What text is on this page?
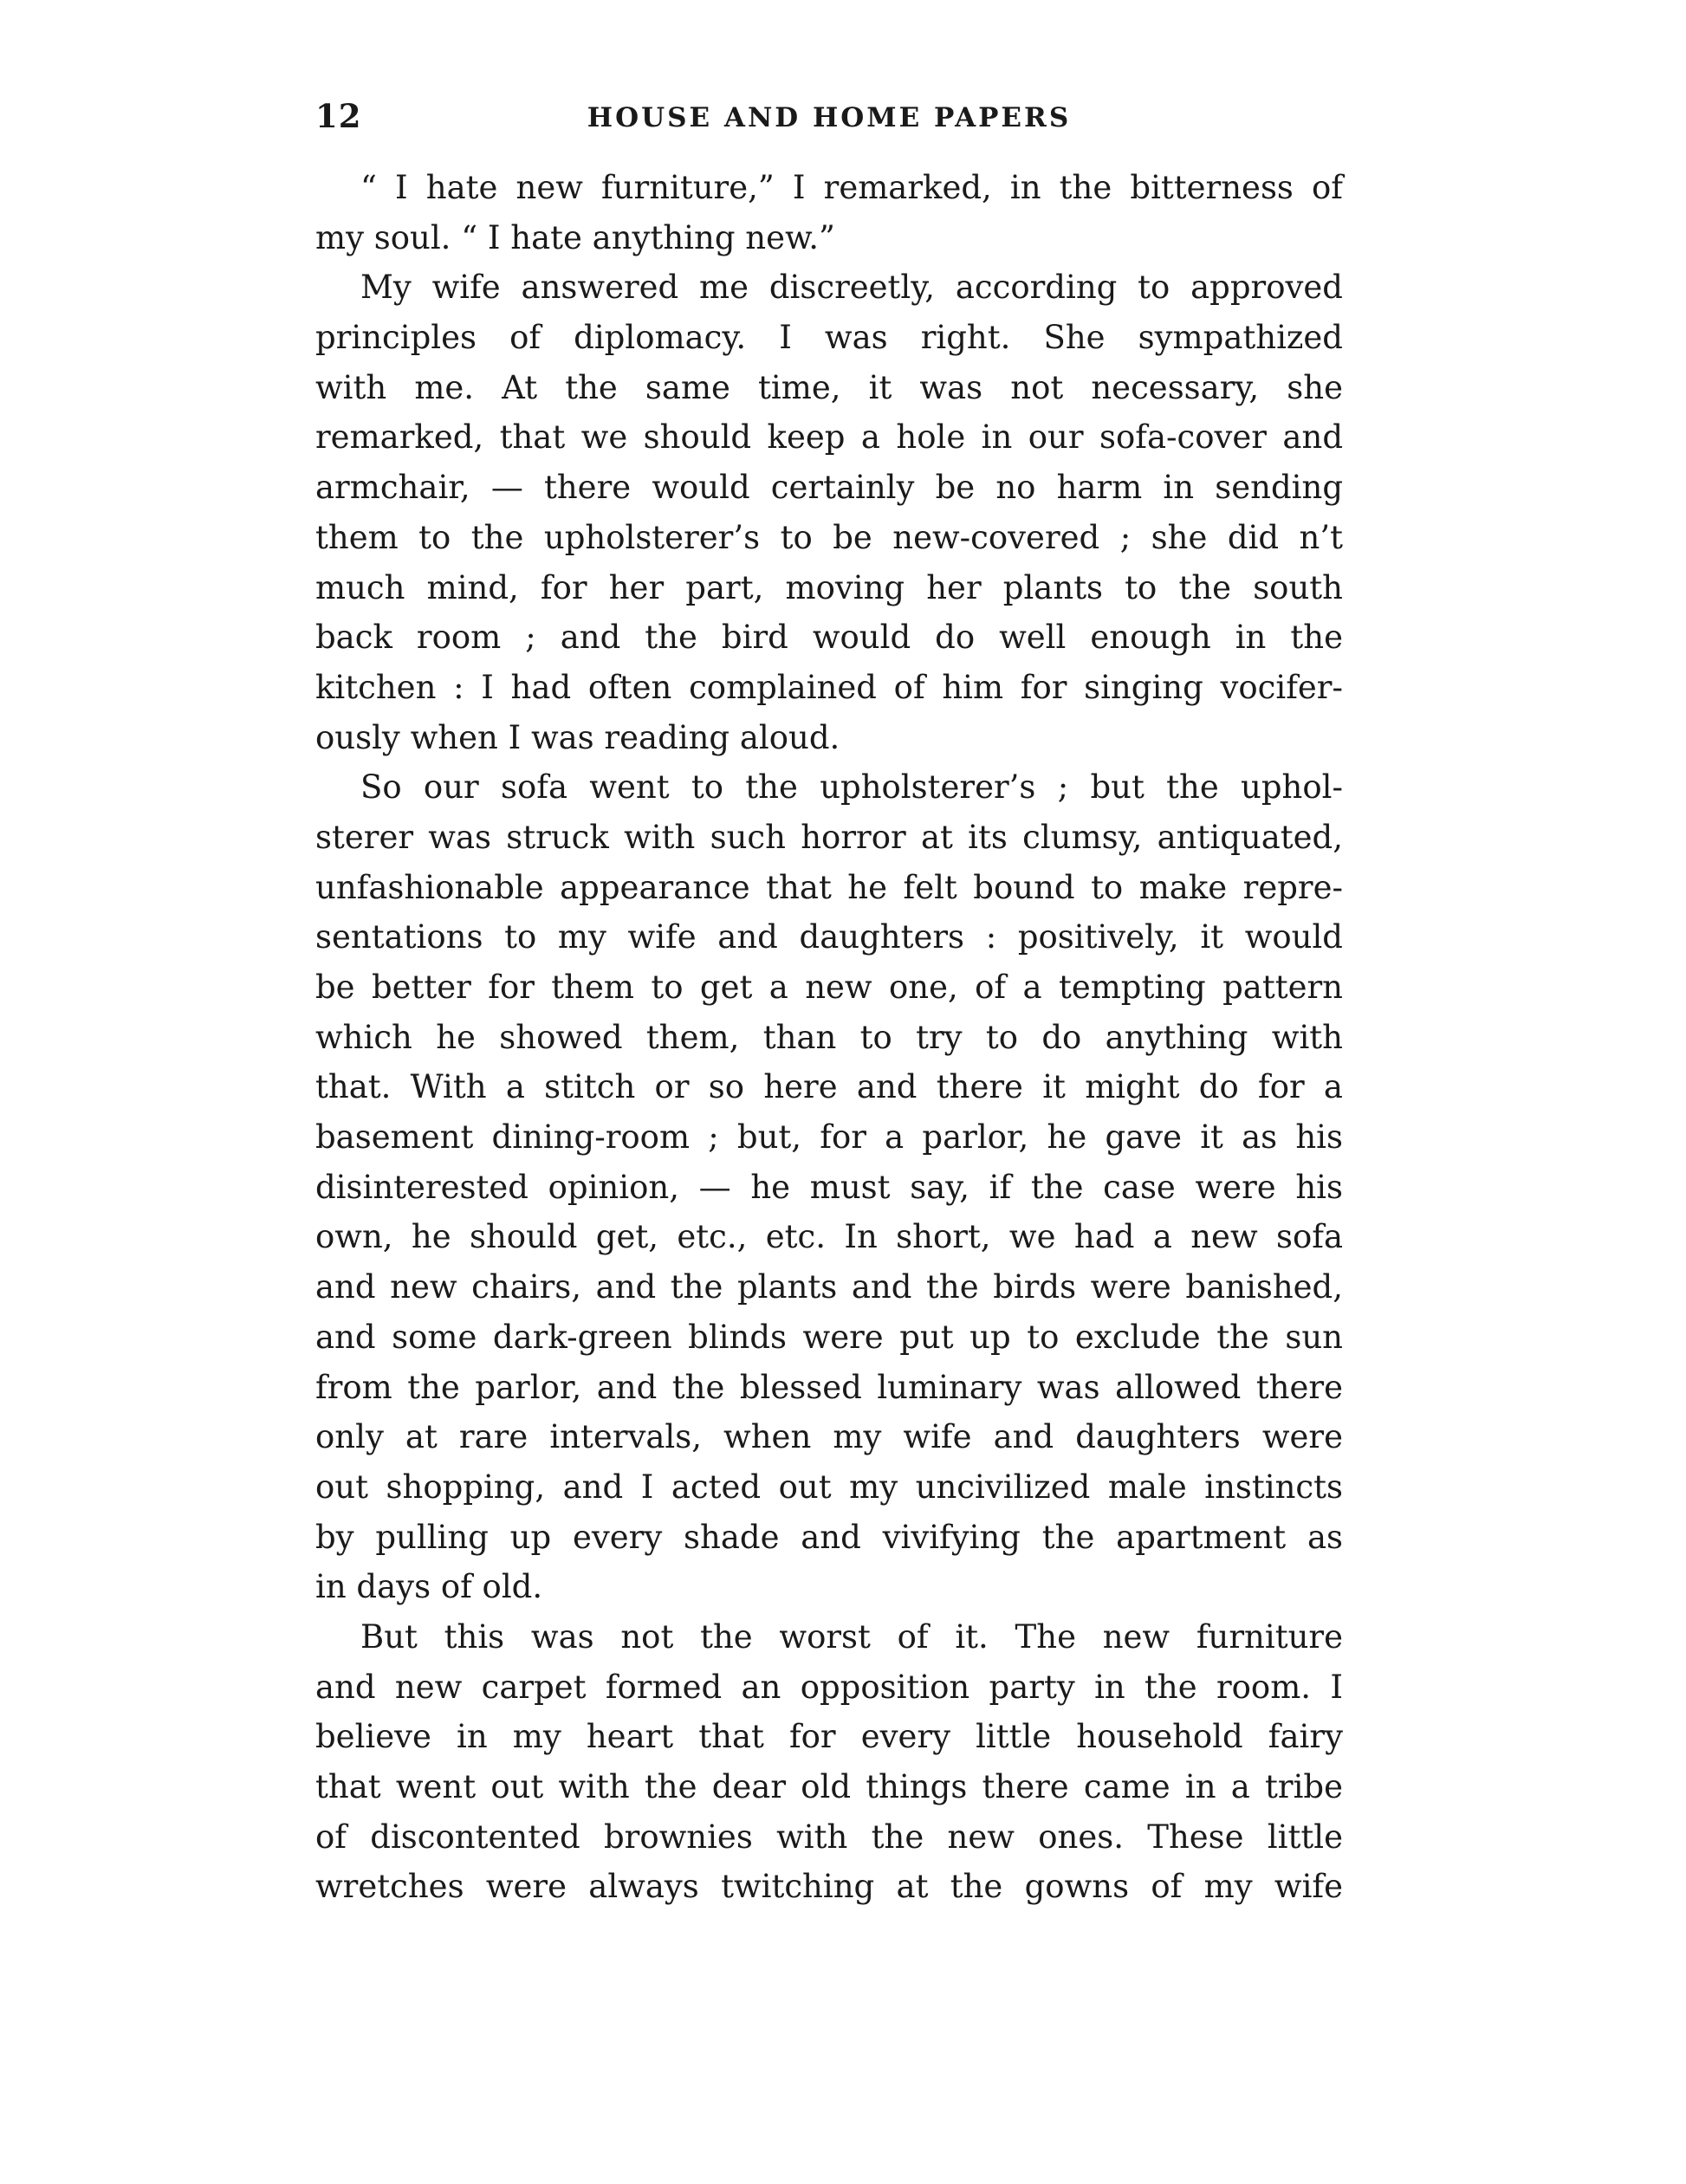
12	HOUSE AND HOME PAPERS
“ I hate new furniture,” I remarked, in the bitterness of
my soul. “ I hate anything new.”
My wife answered me discreetly, according to approved
principles of diplomacy. I was right. She sympathized
with me. At the same time, it was not necessary, she
remarked, that we should keep a hole in our sofa-cover and
armchair, — there would certainly be no harm in sending
them to the upholsterer’s to be new-covered ; she did n’t
much mind, for her part, moving her plants to the south
back room ; and the bird would do well enough in the
kitchen : I had often complained of him for singing vocifer-
ously when I was reading aloud.
So our sofa went to the upholsterer’s ; but the uphol-
sterer was struck with such horror at its clumsy, antiquated,
unfashionable appearance that he felt bound to make repre-
sentations to my wife and daughters : positively, it would
be better for them to get a new one, of a tempting pattern
which he showed them, than to try to do anything with
that. With a stitch or so here and there it might do for a
basement dining-room ; but, for a parlor, he gave it as his
disinterested opinion, — he must say, if the case were his
own, he should get, etc., etc. In short, we had a new sofa
and new chairs, and the plants and the birds were banished,
and some dark-green blinds were put up to exclude the sun
from the parlor, and the blessed luminary was allowed there
only at rare intervals, when my wife and daughters were
out shopping, and I acted out my uncivilized male instincts
by pulling up every shade and vivifying the apartment as
in days of old.
But this was not the worst of it. The new furniture
and new carpet formed an opposition party in the room. I
believe in my heart that for every little household fairy
that went out with the dear old things there came in a tribe
of discontented brownies with the new ones. These little
wretches were always twitching at the gowns of my wife
